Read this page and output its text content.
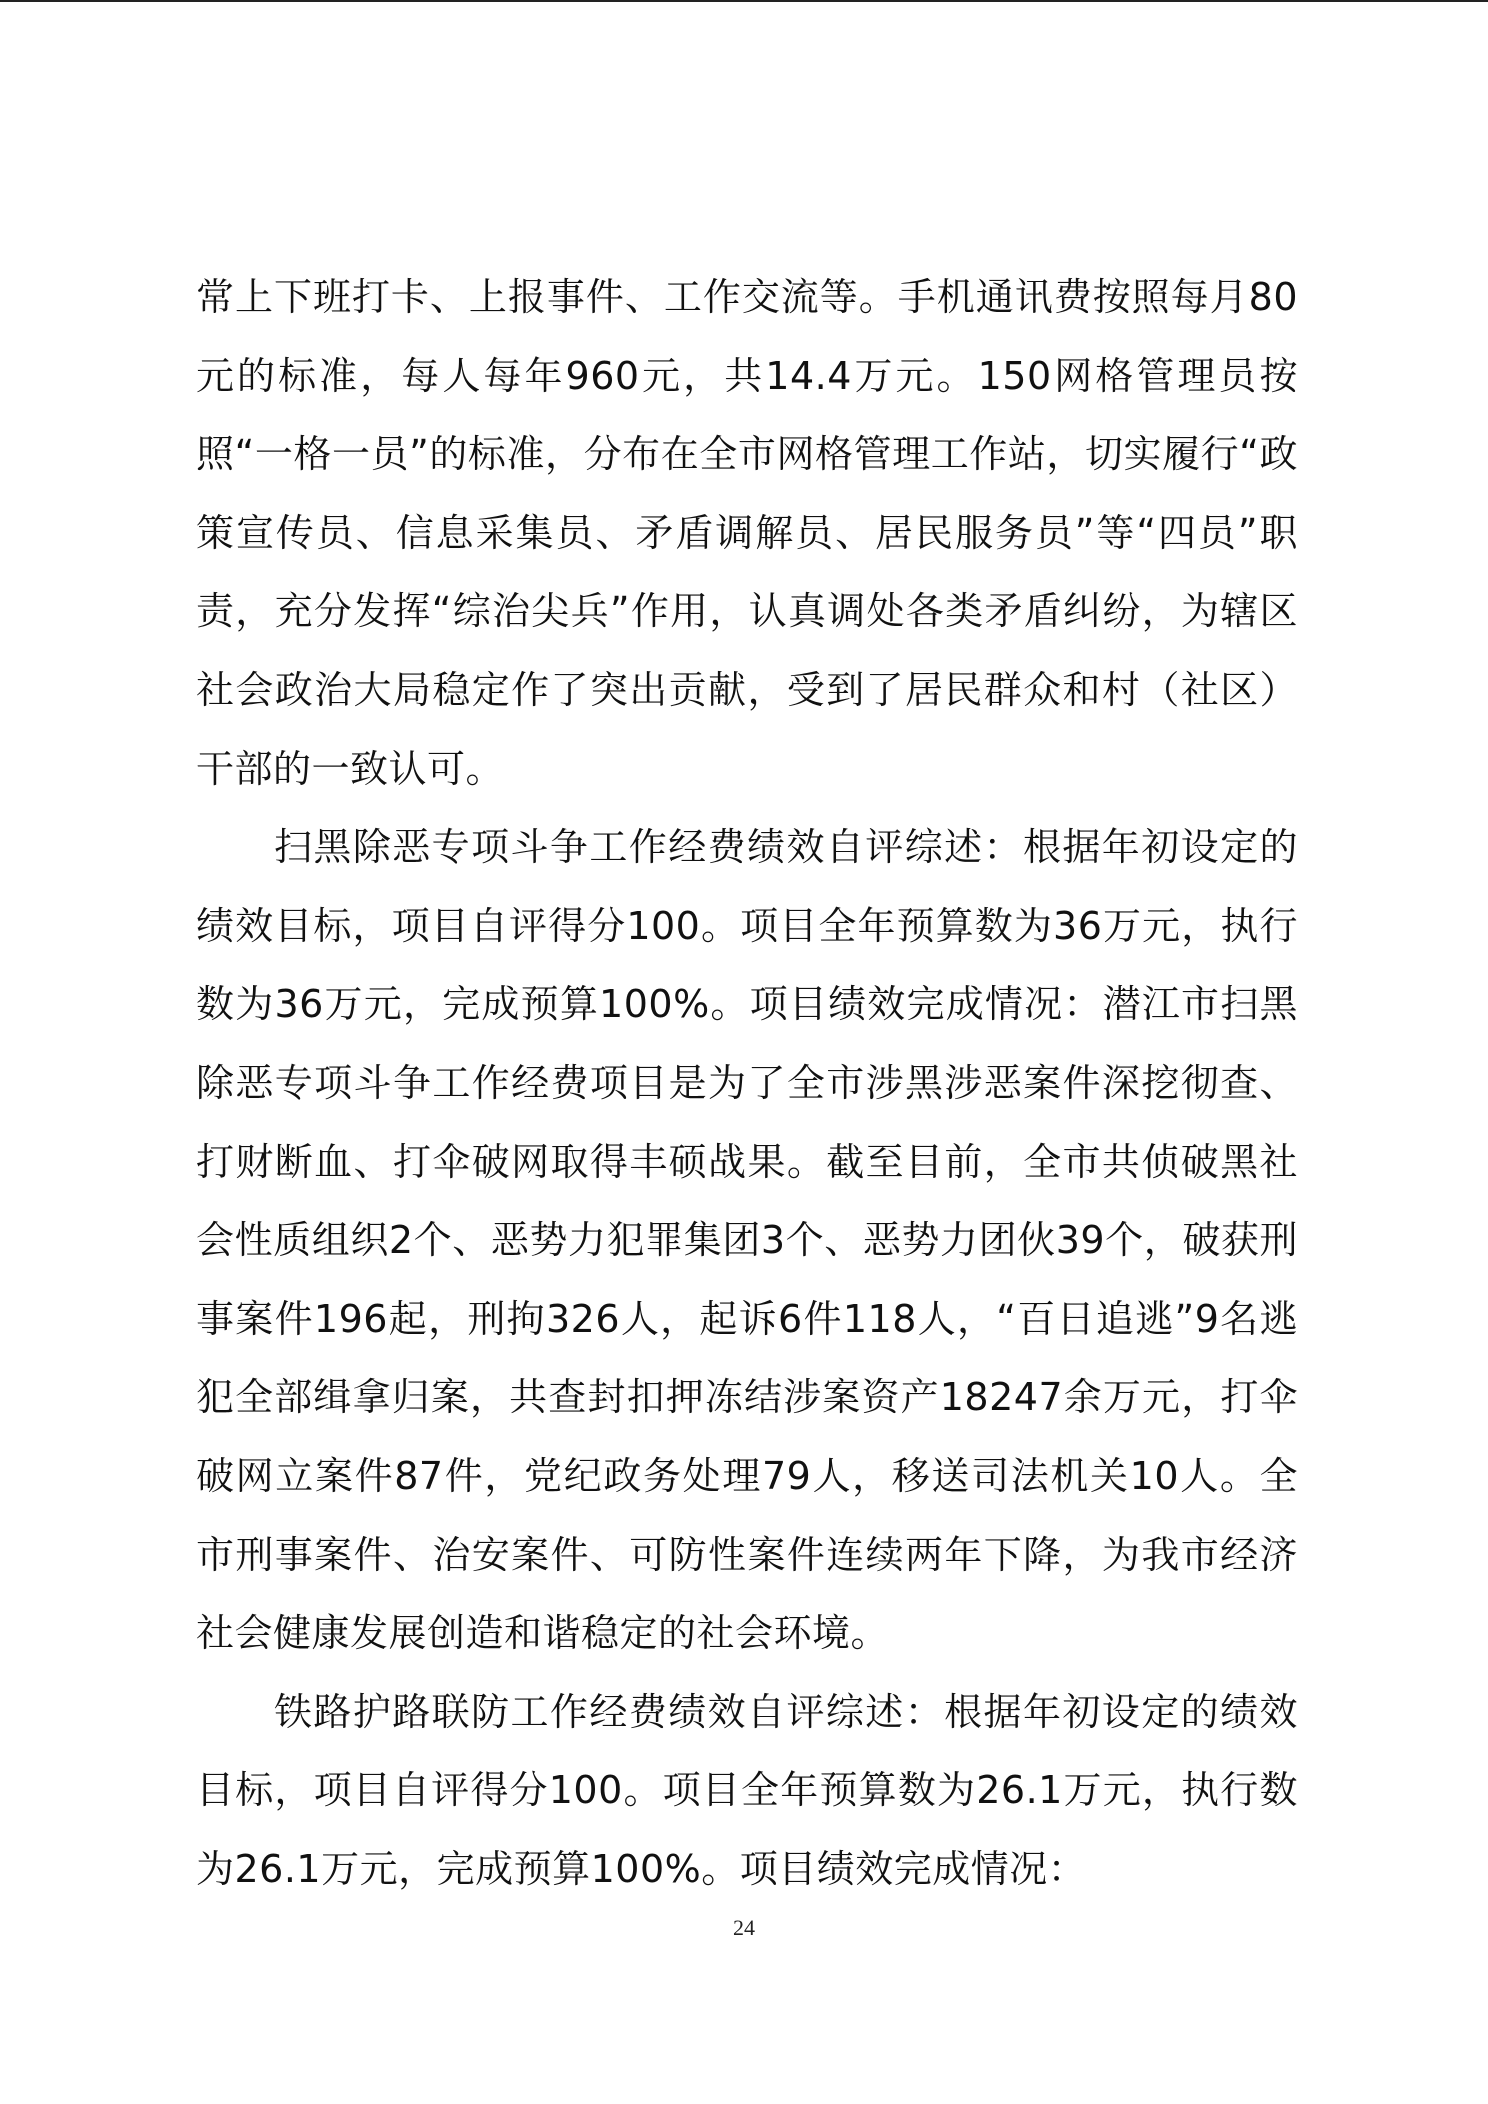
常上下班打卡、上报事件、工作交流等。手机通讯费按照每月80元的标准，每人每年960元，共14.4万元。150网格管理员按照“一格一员”的标准，分布在全市网格管理工作站，切实履行“政策宣传员、信息采集员、矛盾调解员、居民服务员”等“四员”职责，充分发挥“综治尖兵”作用，认真调处各类矛盾纠纷，为辖区社会政治大局稳定作了突出贡献，受到了居民群众和村（社区）干部的一致认可。

扫黑除恶专项斗争工作经费绩效自评综述：根据年初设定的绩效目标，项目自评得分100。项目全年预算数为36万元，执行数为36万元，完成预算100%。项目绩效完成情况：潜江市扫黑除恶专项斗争工作经费项目是为了全市涉黑涉恶案件深挖彻查、打财断血、打伞破网取得丰硕战果。截至目前，全市共侦破黑社会性质组织2个、恶势力犯罪集团3个、恶势力团伙39个，破获刑事案件196起，刑拘326人，起诉6件118人，“百日追逃”9名逃犯全部缉拿归案，共查封扣押冻结涉案资产18247余万元，打伞破网立案件87件，党纪政务处理79人，移送司法机关10人。全市刑事案件、治安案件、可防性案件连续两年下降，为我市经济社会健康发展创造和谐稳定的社会环境。

铁路护路联防工作经费绩效自评综述：根据年初设定的绩效目标，项目自评得分100。项目全年预算数为26.1万元，执行数为26.1万元，完成预算100%。项目绩效完成情况：

24
